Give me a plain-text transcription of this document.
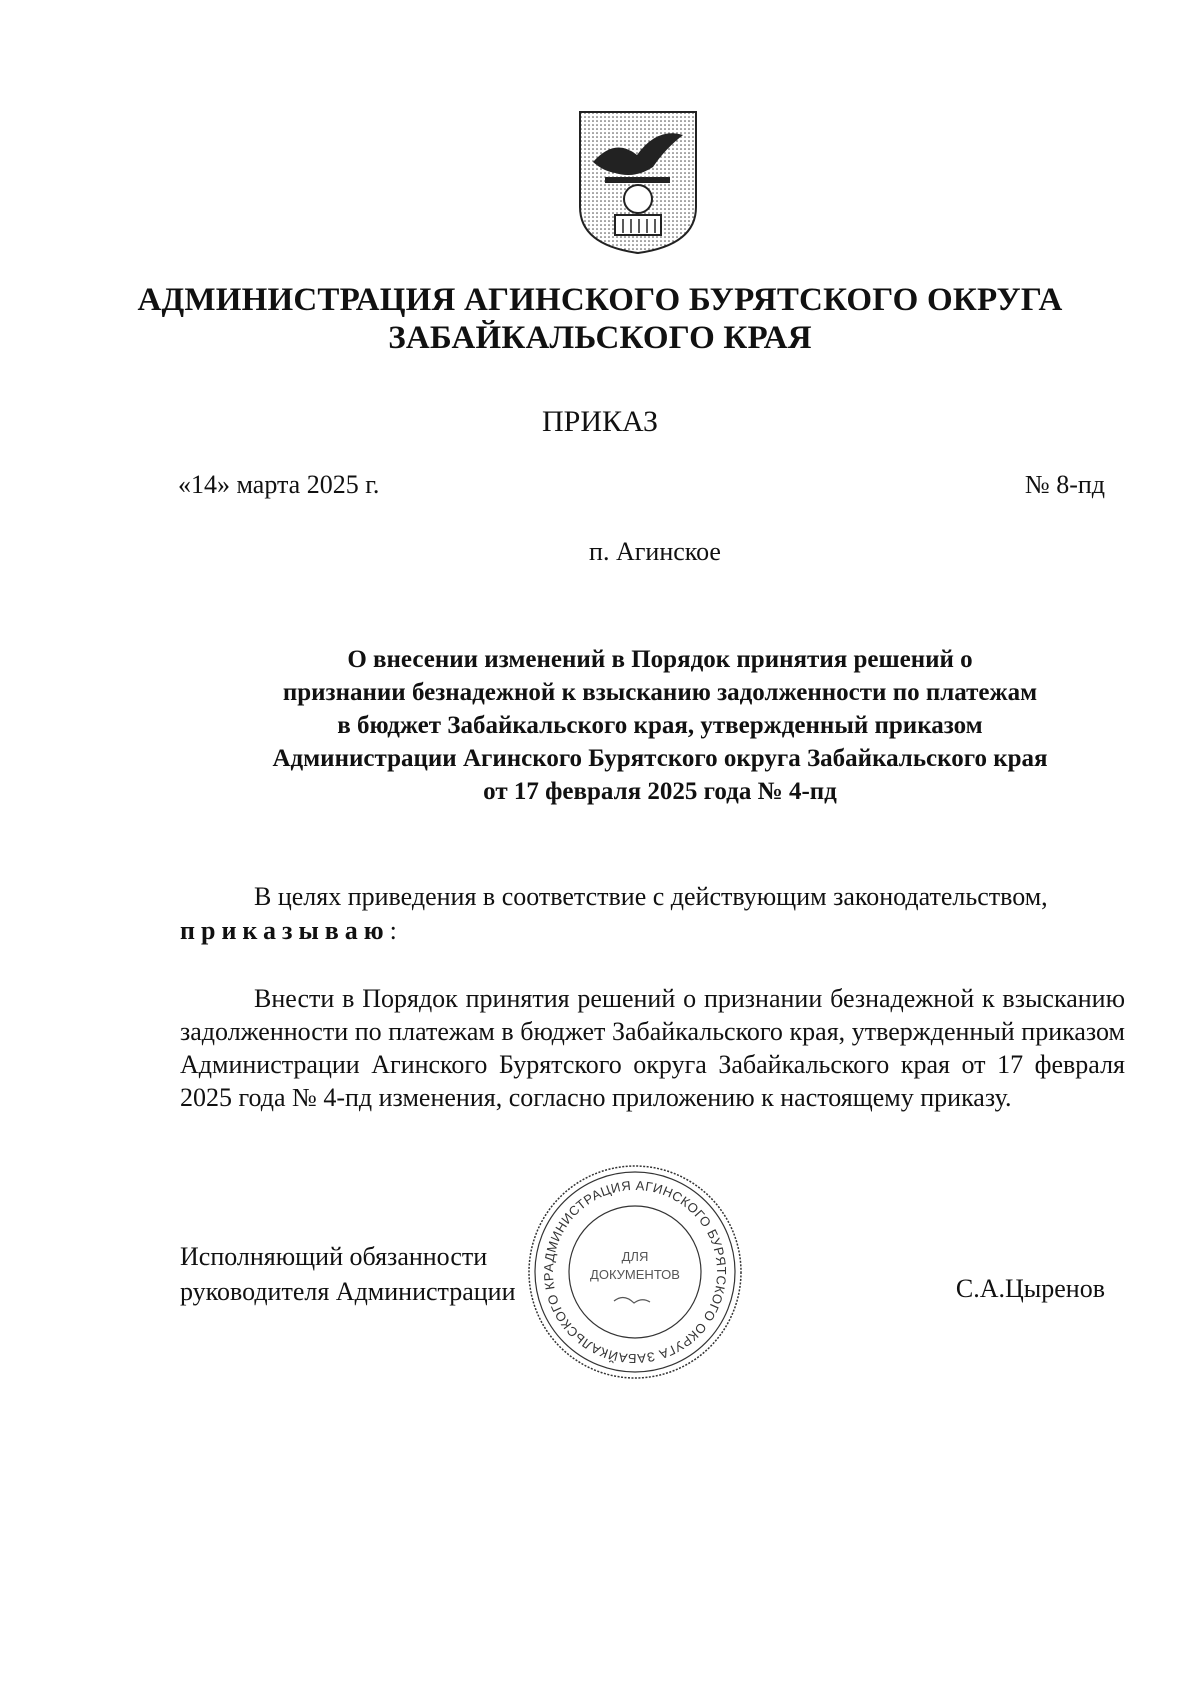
АДМИНИСТРАЦИЯ АГИНСКОГО БУРЯТСКОГО ОКРУГА
ЗАБАЙКАЛЬСКОГО КРАЯ
ПРИКАЗ
«14» марта 2025 г.	№ 8-пд
п. Агинское
О внесении изменений в Порядок принятия решений о
признании безнадежной к взысканию задолженности по платежам
в бюджет Забайкальского края, утвержденный приказом
Администрации Агинского Бурятского округа Забайкальского края
от 17 февраля 2025 года № 4-пд
В целях приведения в соответствие с действующим законодательством,
приказываю:
Внести в Порядок принятия решений о признании безнадежной к взысканию задолженности по платежам в бюджет Забайкальского края, утвержденный приказом Администрации Агинского Бурятского округа Забайкальского края от 17 февраля 2025 года № 4-пд изменения, согласно приложению к настоящему приказу.
Исполняющий обязанности
руководителя Администрации	С.А.Цыренов
АДМИНИСТРАЦИЯ АГИНСКОГО БУРЯТСКОГО ОКРУГА ЗАБАЙКАЛЬСКОГО КР
ДЛЯ
ДОКУМЕНТОВ
